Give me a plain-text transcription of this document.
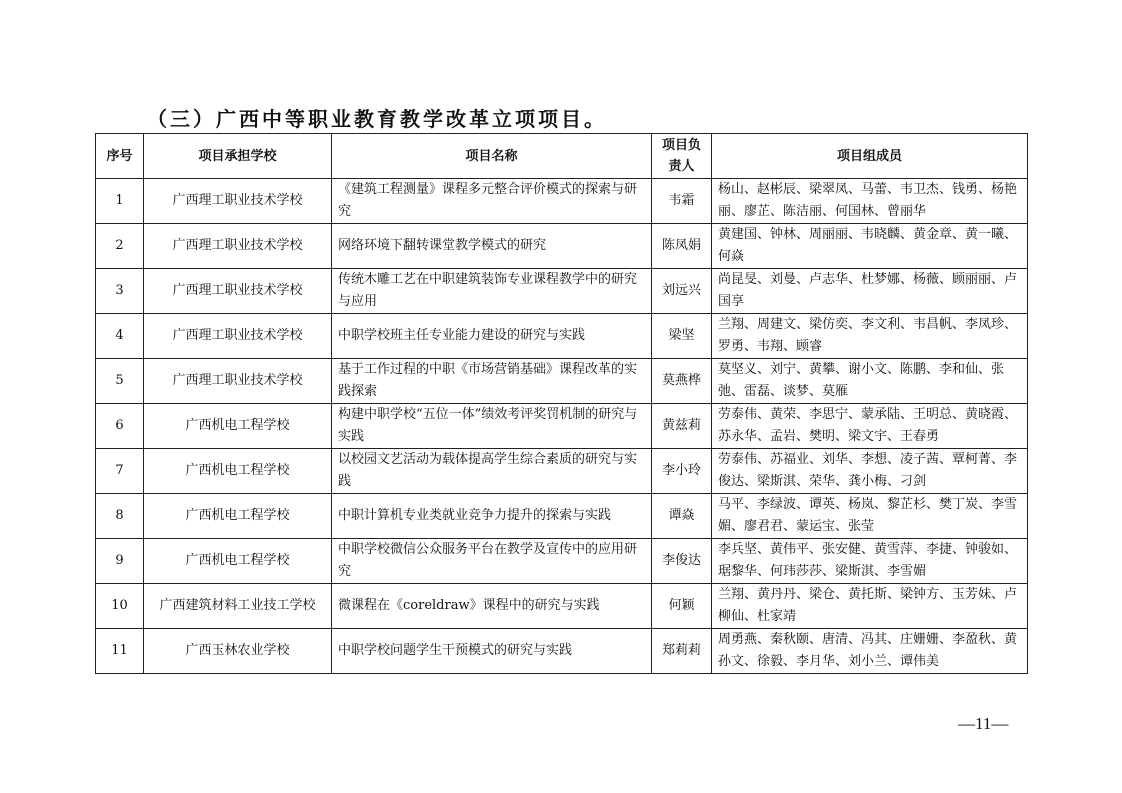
（三）广西中等职业教育教学改革立项项目。
序号	项目承担学校	项目名称	项目负责人	项目组成员
1	广西理工职业技术学校	《建筑工程测量》课程多元整合评价模式的探索与研究	韦霜	杨山、赵彬辰、梁翠凤、马蕾、韦卫杰、钱勇、杨艳丽、廖芷、陈洁丽、何国林、曾丽华
2	广西理工职业技术学校	网络环境下翻转课堂教学模式的研究	陈凤娟	黄建国、钟林、周丽丽、韦晓麟、黄金章、黄一曦、何焱
3	广西理工职业技术学校	传统木雕工艺在中职建筑装饰专业课程教学中的研究与应用	刘远兴	尚昆旻、刘曼、卢志华、杜梦娜、杨薇、顾丽丽、卢国享
4	广西理工职业技术学校	中职学校班主任专业能力建设的研究与实践	梁坚	兰翔、周建文、梁仿奕、李文利、韦昌帆、李凤珍、罗勇、韦翔、顾睿
5	广西理工职业技术学校	基于工作过程的中职《市场营销基础》课程改革的实践探索	莫燕桦	莫坚义、刘宁、黄攀、谢小文、陈鹏、李和仙、张弛、雷磊、谈梦、莫雁
6	广西机电工程学校	构建中职学校“五位一体”绩效考评奖罚机制的研究与实践	黄兹莉	劳泰伟、黄荣、李思宁、蒙承陆、王明总、黄晓霞、苏永华、孟岩、樊明、梁文宇、王春勇
7	广西机电工程学校	以校园文艺活动为载体提高学生综合素质的研究与实践	李小玲	劳泰伟、苏福业、刘华、李想、凌子茜、覃柯菁、李俊达、梁斯淇、荣华、龚小梅、刁剑
8	广西机电工程学校	中职计算机专业类就业竞争力提升的探索与实践	谭焱	马平、李绿波、谭英、杨岚、黎芷杉、樊丁炭、李雪媚、廖君君、蒙运宝、张莹
9	广西机电工程学校	中职学校微信公众服务平台在教学及宣传中的应用研究	李俊达	李兵坚、黄伟平、张安健、黄雪萍、李捷、钟骏如、琚黎华、何玮莎莎、梁斯淇、李雪媚
10	广西建筑材料工业技工学校	微课程在《coreldraw》课程中的研究与实践	何颖	兰翔、黄丹丹、梁仓、黄托斯、梁钟方、玉芳妹、卢柳仙、杜家靖
11	广西玉林农业学校	中职学校问题学生干预模式的研究与实践	郑莉莉	周勇燕、秦秋颐、唐清、冯其、庄姗姗、李盈秋、黄孙文、徐毅、李月华、刘小兰、谭伟美
—11—
